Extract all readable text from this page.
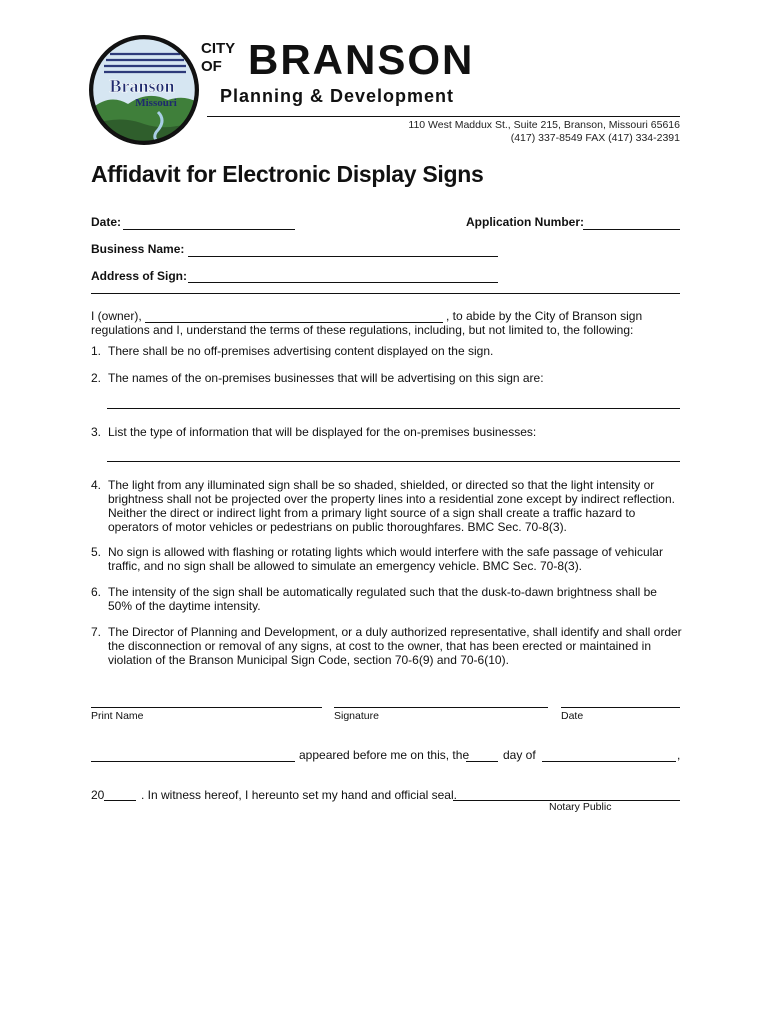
Branson
Missouri
CITY
OF BRANSON
Planning & Development
110 West Maddux St., Suite 215, Branson, Missouri 65616
(417) 337-8549 FAX (417) 334-2391
Affidavit for Electronic Display Signs
Date:	Application Number:
Business Name:
Address of Sign:
I (owner),	, to abide by the City of Branson sign
regulations and I, understand the terms of these regulations, including, but not limited to, the following:
1. There shall be no off-premises advertising content displayed on the sign.
2. The names of the on-premises businesses that will be advertising on this sign are:
3. List the type of information that will be displayed for the on-premises businesses:
4. The light from any illuminated sign shall be so shaded, shielded, or directed so that the light intensity or brightness shall not be projected over the property lines into a residential zone except by indirect reflection. Neither the direct or indirect light from a primary light source of a sign shall create a traffic hazard to operators of motor vehicles or pedestrians on public thoroughfares. BMC Sec. 70-8(3).
5. No sign is allowed with flashing or rotating lights which would interfere with the safe passage of vehicular traffic, and no sign shall be allowed to simulate an emergency vehicle. BMC Sec. 70-8(3).
6. The intensity of the sign shall be automatically regulated such that the dusk-to-dawn brightness shall be 50% of the daytime intensity.
7. The Director of Planning and Development, or a duly authorized representative, shall identify and shall order the disconnection or removal of any signs, at cost to the owner, that has been erected or maintained in violation of the Branson Municipal Sign Code, section 70-6(9) and 70-6(10).
Print Name	Signature	Date
appeared before me on this, the	day of	,
20	. In witness hereof, I hereunto set my hand and official seal.
Notary Public
